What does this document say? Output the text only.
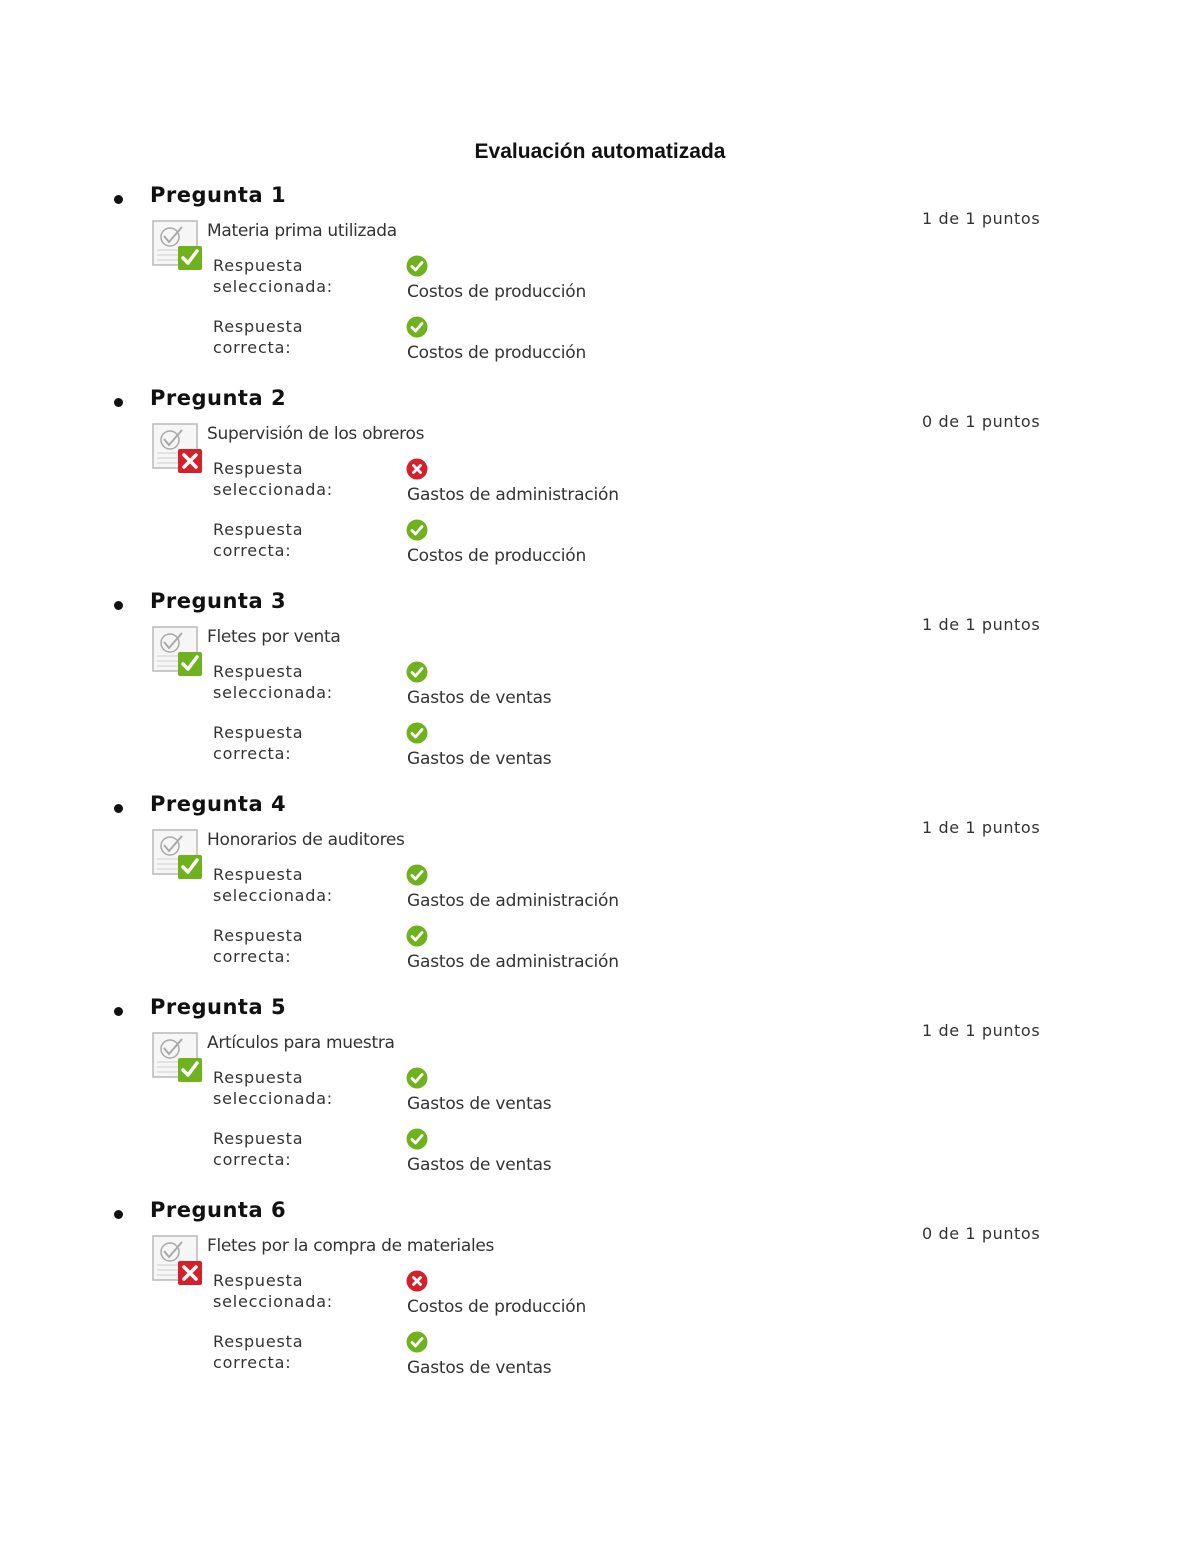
Evaluación automatizada
Pregunta 1
1 de 1 puntos
Materia prima utilizada
Respuesta
seleccionada:	Costos de producción
Respuesta
correcta:	Costos de producción
Pregunta 2
0 de 1 puntos
Supervisión de los obreros
Respuesta
seleccionada:	Gastos de administración
Respuesta
correcta:	Costos de producción
Pregunta 3
1 de 1 puntos
Fletes por venta
Respuesta
seleccionada:	Gastos de ventas
Respuesta
correcta:	Gastos de ventas
Pregunta 4
1 de 1 puntos
Honorarios de auditores
Respuesta
seleccionada:	Gastos de administración
Respuesta
correcta:	Gastos de administración
Pregunta 5
1 de 1 puntos
Artículos para muestra
Respuesta
seleccionada:	Gastos de ventas
Respuesta
correcta:	Gastos de ventas
Pregunta 6
0 de 1 puntos
Fletes por la compra de materiales
Respuesta
seleccionada:	Costos de producción
Respuesta
correcta:	Gastos de ventas
